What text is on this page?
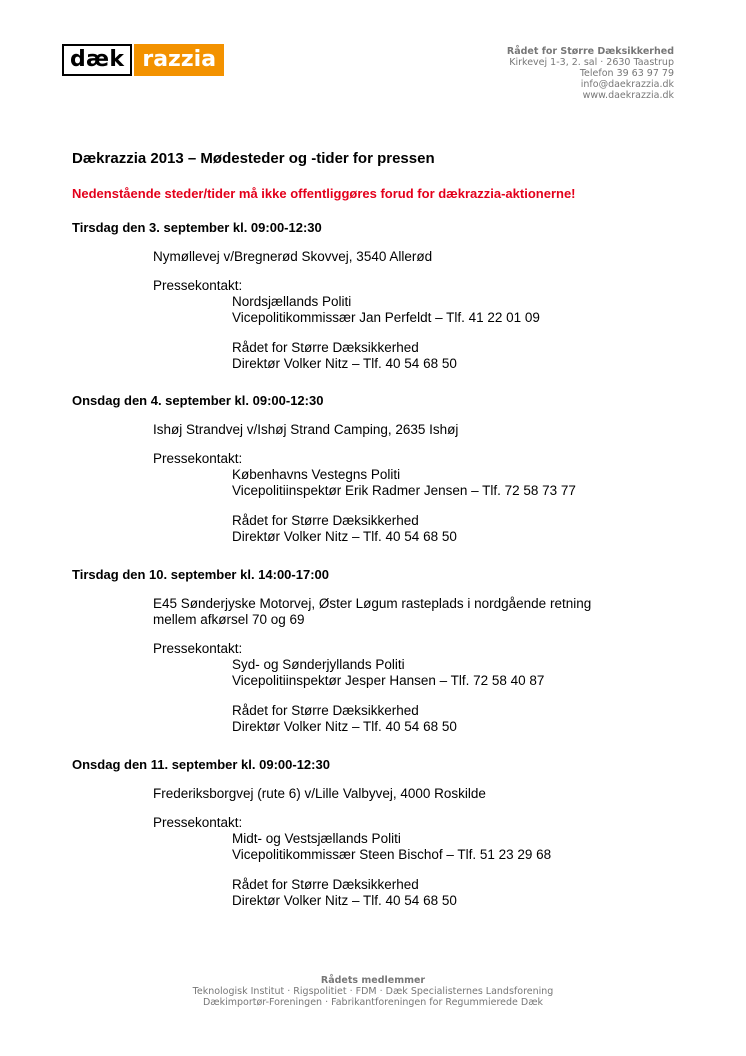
dæk razzia	Rådet for Større Dæksikkerhed
Kirkevej 1-3, 2. sal · 2630 Taastrup
Telefon 39 63 97 79
info@daekrazzia.dk
www.daekrazzia.dk
Dækrazzia 2013 – Mødesteder og -tider for pressen
Nedenstående steder/tider må ikke offentliggøres forud for dækrazzia-aktionerne!
Tirsdag den 3. september kl. 09:00-12:30
Nymøllevej v/Bregnerød Skovvej, 3540 Allerød
Pressekontakt:
Nordsjællands Politi
Vicepolitikommissær Jan Perfeldt – Tlf. 41 22 01 09
Rådet for Større Dæksikkerhed
Direktør Volker Nitz – Tlf. 40 54 68 50
Onsdag den 4. september kl. 09:00-12:30
Ishøj Strandvej v/Ishøj Strand Camping, 2635 Ishøj
Pressekontakt:
Københavns Vestegns Politi
Vicepolitiinspektør Erik Radmer Jensen – Tlf. 72 58 73 77
Rådet for Større Dæksikkerhed
Direktør Volker Nitz – Tlf. 40 54 68 50
Tirsdag den 10. september kl. 14:00-17:00
E45 Sønderjyske Motorvej, Øster Løgum rasteplads i nordgående retning
mellem afkørsel 70 og 69
Pressekontakt:
Syd- og Sønderjyllands Politi
Vicepolitiinspektør Jesper Hansen – Tlf. 72 58 40 87
Rådet for Større Dæksikkerhed
Direktør Volker Nitz – Tlf. 40 54 68 50
Onsdag den 11. september kl. 09:00-12:30
Frederiksborgvej (rute 6) v/Lille Valbyvej, 4000 Roskilde
Pressekontakt:
Midt- og Vestsjællands Politi
Vicepolitikommissær Steen Bischof – Tlf. 51 23 29 68
Rådet for Større Dæksikkerhed
Direktør Volker Nitz – Tlf. 40 54 68 50
Rådets medlemmer
Teknologisk Institut · Rigspolitiet · FDM · Dæk Specialisternes Landsforening
Dækimportør-Foreningen · Fabrikantforeningen for Regummierede Dæk
